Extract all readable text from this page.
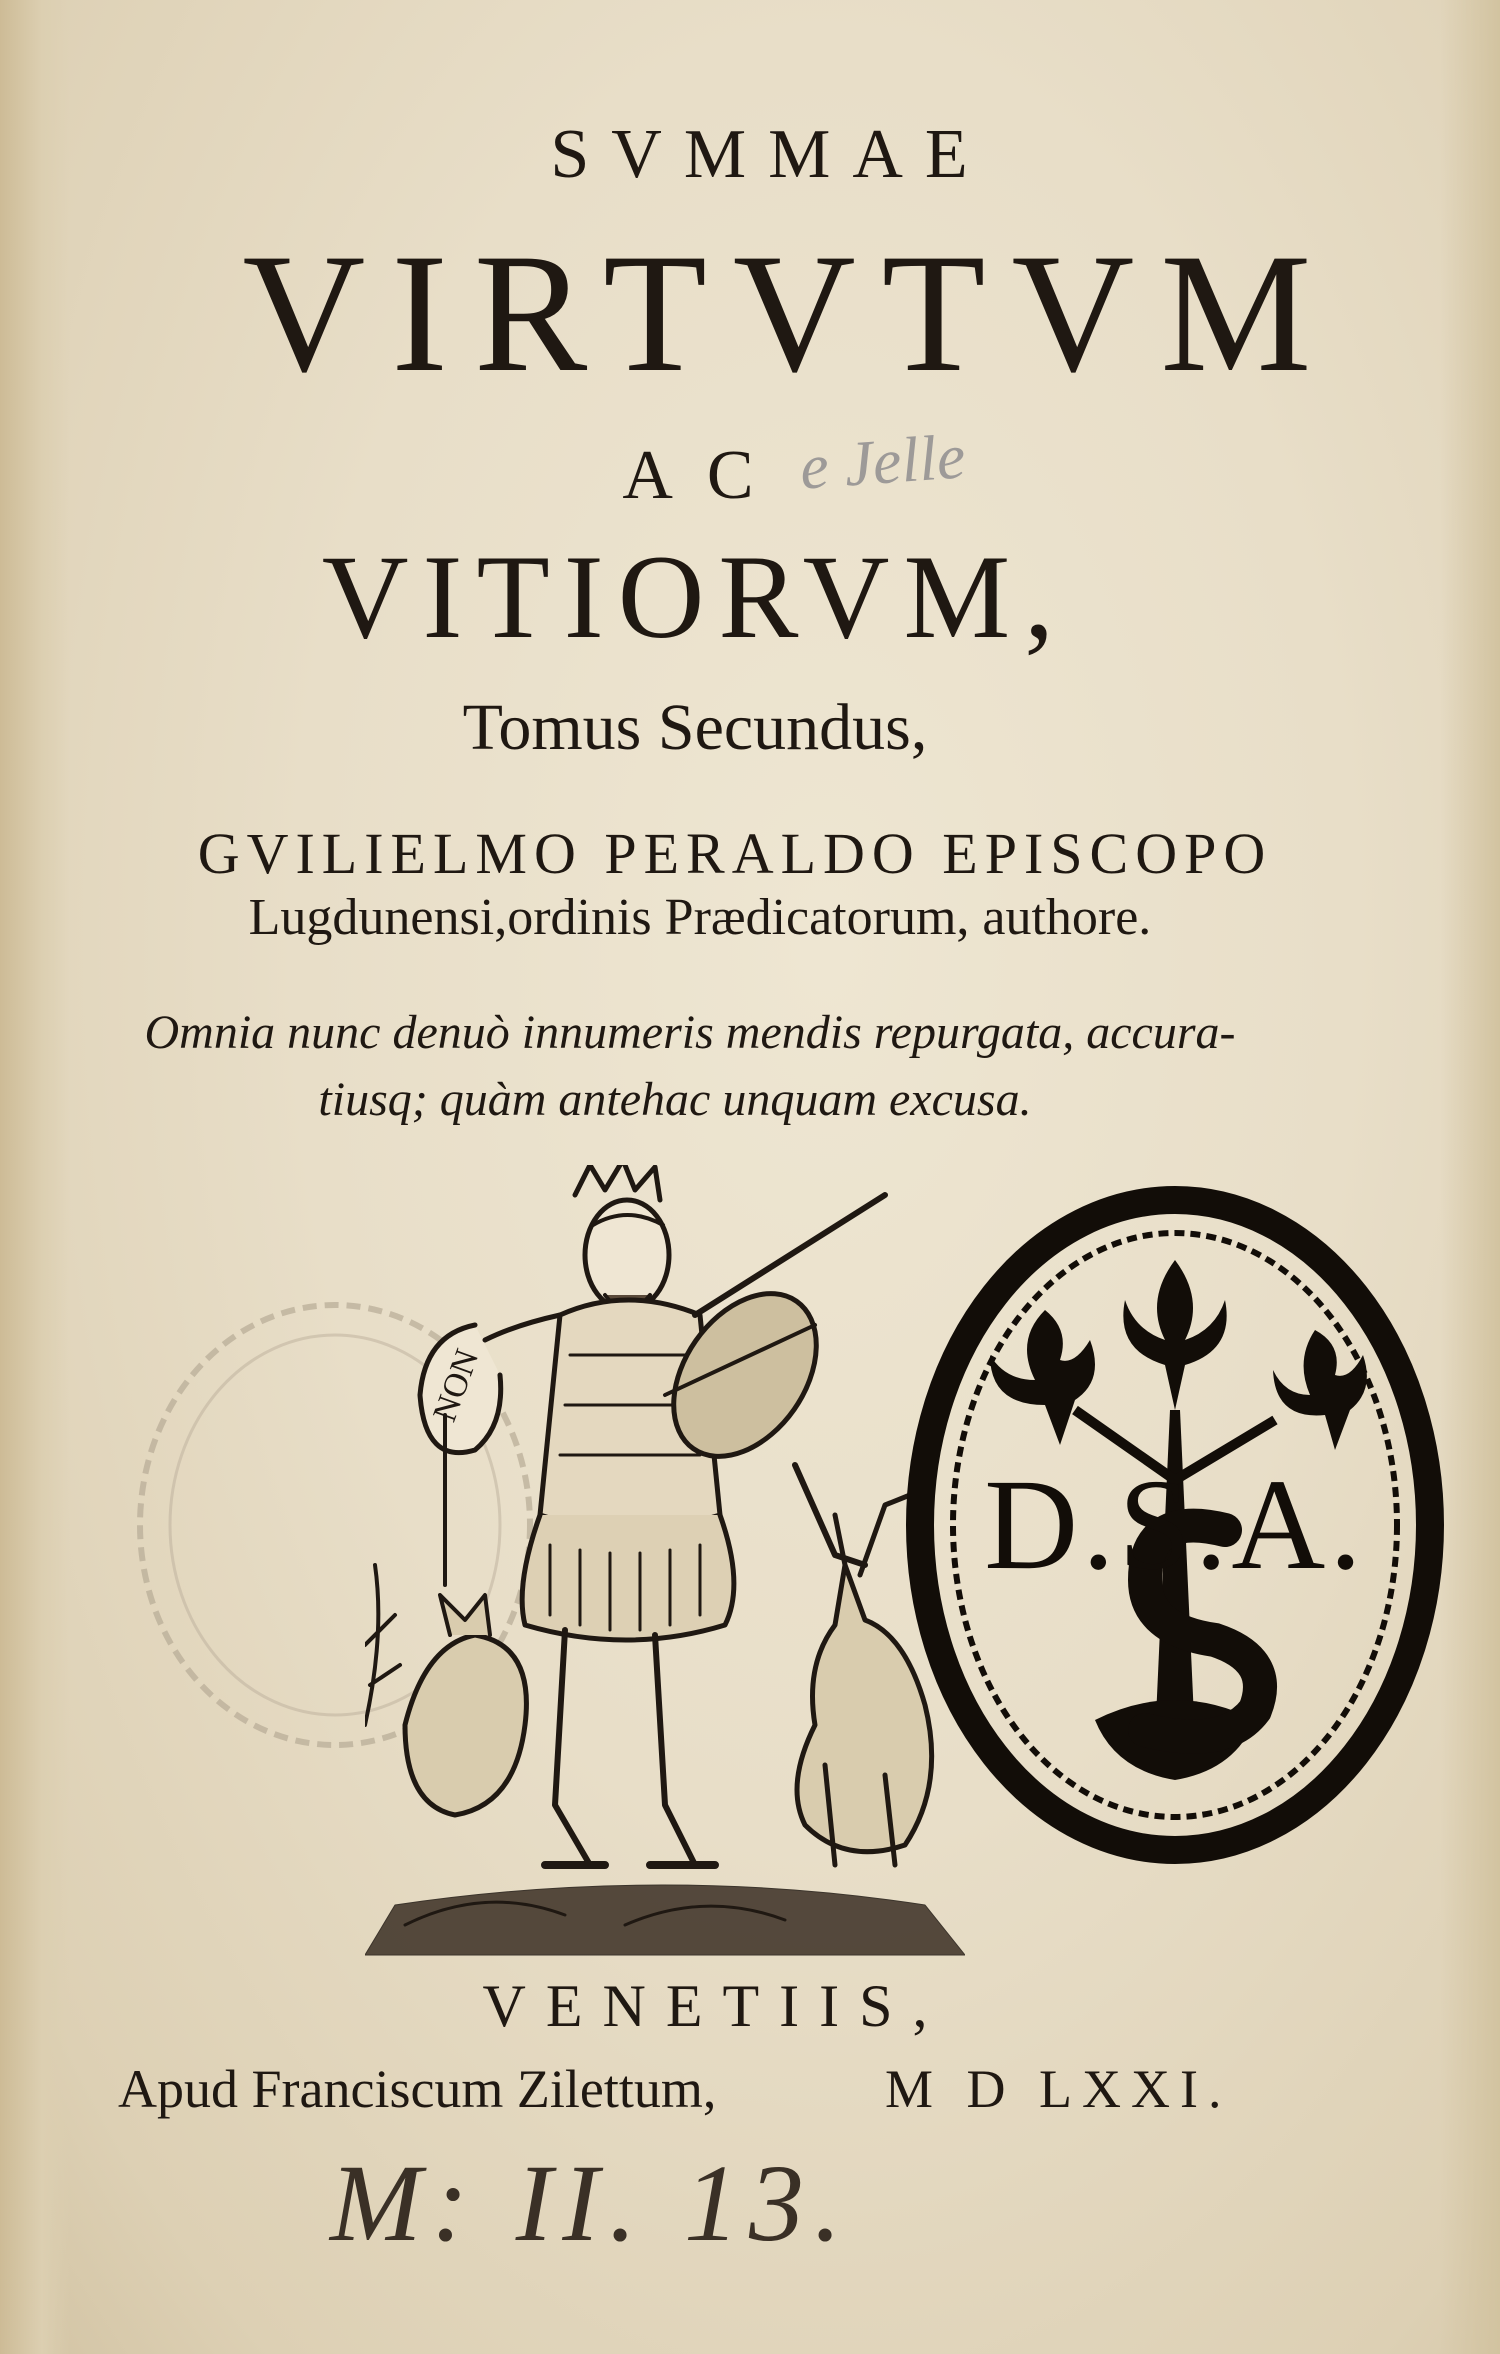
SVMMAE
VIRTVTVM
AC e Jelle
VITIORVM,
Tomus Secundus,
GVILIELMO PERALDO EPISCOPO
Lugdunensi,ordinis Prædicatorum, authore.
Omnia nunc denuò innumeris mendis repurgata, accura-
tiusq; quàm antehac unquam excusa.
NON
D.S.A.
VENETIIS,
Apud Franciscum Zilettum,	M D LXXI.
M: II. 13.
